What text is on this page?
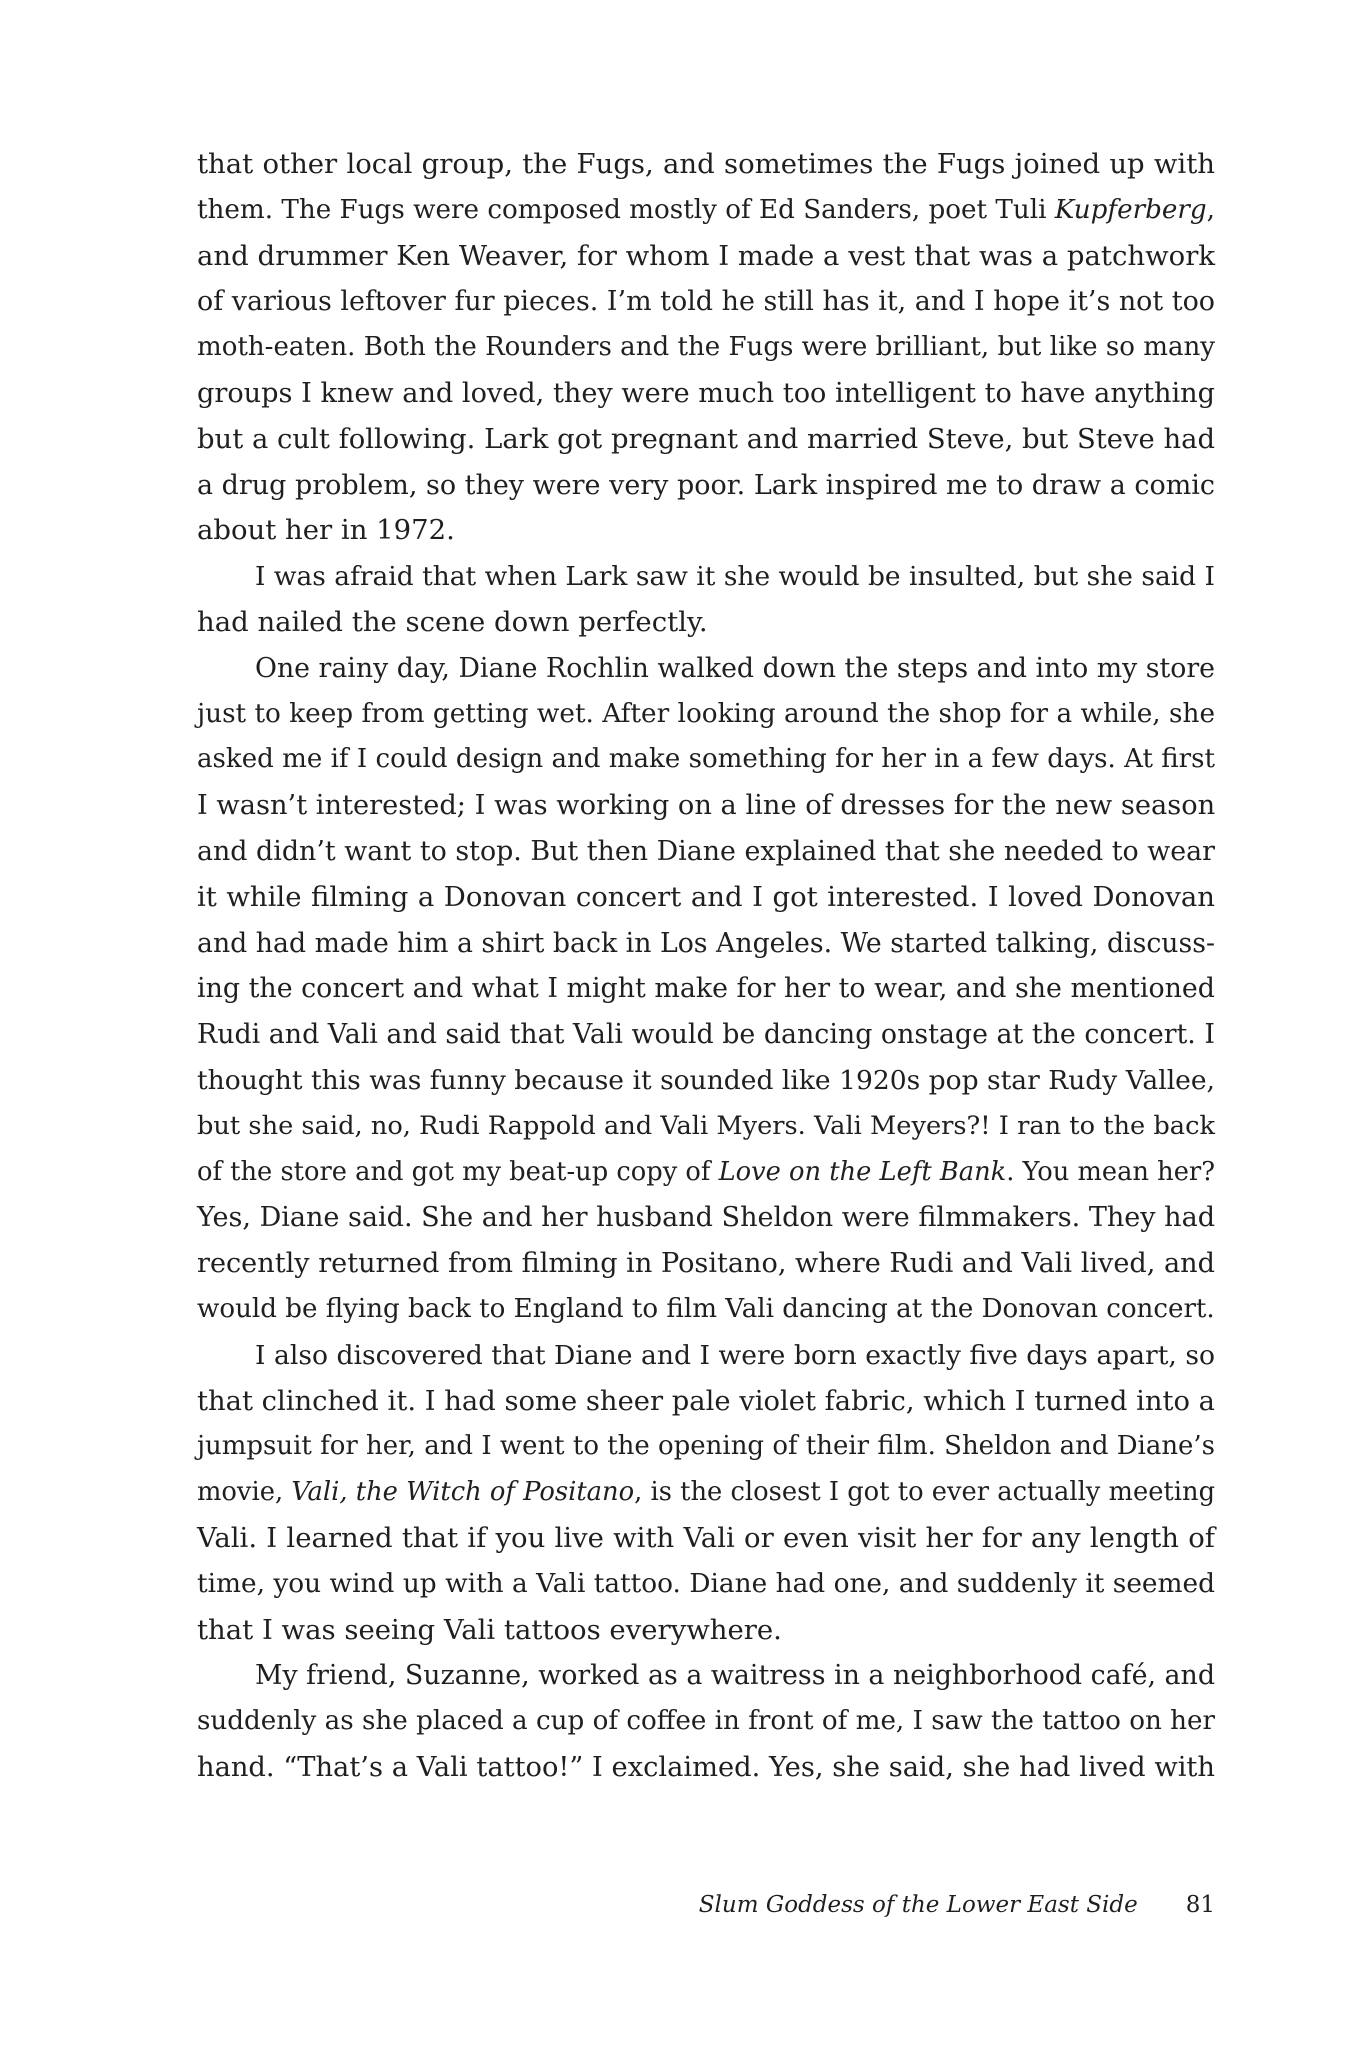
that other local group, the Fugs, and sometimes the Fugs joined up with
them. The Fugs were composed mostly of Ed Sanders, poet Tuli Kupferberg,
and drummer Ken Weaver, for whom I made a vest that was a patchwork
of various leftover fur pieces. I’m told he still has it, and I hope it’s not too
moth-eaten. Both the Rounders and the Fugs were brilliant, but like so many
groups I knew and loved, they were much too intelligent to have anything
but a cult following. Lark got pregnant and married Steve, but Steve had
a drug problem, so they were very poor. Lark inspired me to draw a comic
about her in 1972.
I was afraid that when Lark saw it she would be insulted, but she said I
had nailed the scene down perfectly.
One rainy day, Diane Rochlin walked down the steps and into my store
just to keep from getting wet. After looking around the shop for a while, she
asked me if I could design and make something for her in a few days. At first
I wasn’t interested; I was working on a line of dresses for the new season
and didn’t want to stop. But then Diane explained that she needed to wear
it while filming a Donovan concert and I got interested. I loved Donovan
and had made him a shirt back in Los Angeles. We started talking, discuss-
ing the concert and what I might make for her to wear, and she mentioned
Rudi and Vali and said that Vali would be dancing onstage at the concert. I
thought this was funny because it sounded like 1920s pop star Rudy Vallee,
but she said, no, Rudi Rappold and Vali Myers. Vali Meyers?! I ran to the back
of the store and got my beat-up copy of Love on the Left Bank. You mean her?
Yes, Diane said. She and her husband Sheldon were filmmakers. They had
recently returned from filming in Positano, where Rudi and Vali lived, and
would be flying back to England to film Vali dancing at the Donovan concert.
I also discovered that Diane and I were born exactly five days apart, so
that clinched it. I had some sheer pale violet fabric, which I turned into a
jumpsuit for her, and I went to the opening of their film. Sheldon and Diane’s
movie, Vali, the Witch of Positano, is the closest I got to ever actually meeting
Vali. I learned that if you live with Vali or even visit her for any length of
time, you wind up with a Vali tattoo. Diane had one, and suddenly it seemed
that I was seeing Vali tattoos everywhere.
My friend, Suzanne, worked as a waitress in a neighborhood café, and
suddenly as she placed a cup of coffee in front of me, I saw the tattoo on her
hand. “That’s a Vali tattoo!” I exclaimed. Yes, she said, she had lived with
Slum Goddess of the Lower East Side 81
